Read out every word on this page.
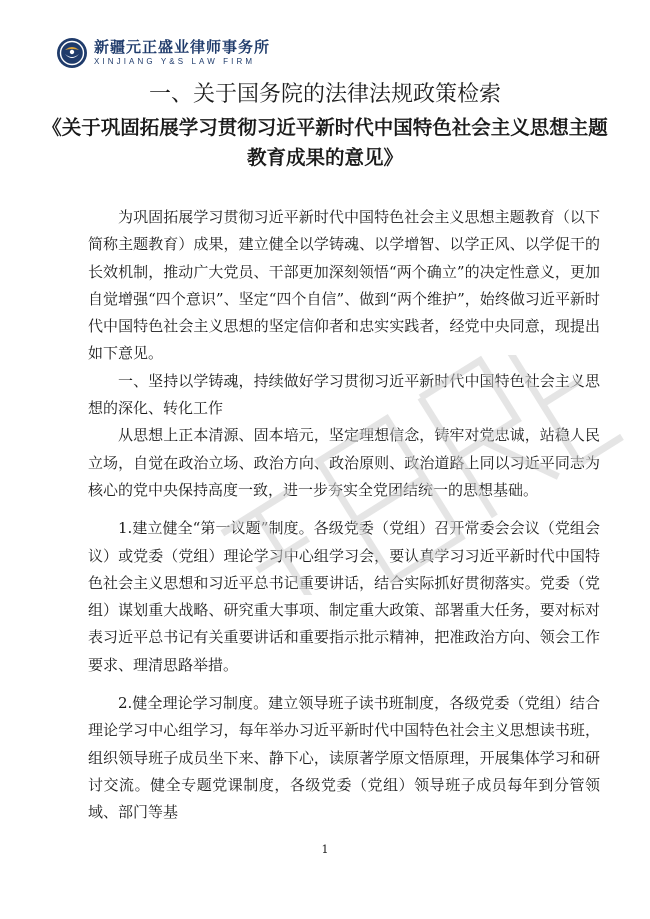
新疆元正盛业律师事务所
XINJIANG Y&S LAW FIRM
一、关于国务院的法律法规政策检索
《关于巩固拓展学习贯彻习近平新时代中国特色社会主义思想主题教育成果的意见》

为巩固拓展学习贯彻习近平新时代中国特色社会主义思想主题教育（以下简称主题教育）成果，建立健全以学铸魂、以学增智、以学正风、以学促干的长效机制，推动广大党员、干部更加深刻领悟“两个确立”的决定性意义，更加自觉增强“四个意识”、坚定“四个自信”、做到“两个维护”，始终做习近平新时代中国特色社会主义思想的坚定信仰者和忠实实践者，经党中央同意，现提出如下意见。

一、坚持以学铸魂，持续做好学习贯彻习近平新时代中国特色社会主义思想的深化、转化工作

从思想上正本清源、固本培元，坚定理想信念，铸牢对党忠诚，站稳人民立场，自觉在政治立场、政治方向、政治原则、政治道路上同以习近平同志为核心的党中央保持高度一致，进一步夯实全党团结统一的思想基础。

1.建立健全“第一议题”制度。各级党委（党组）召开常委会会议（党组会议）或党委（党组）理论学习中心组学习会，要认真学习习近平新时代中国特色社会主义思想和习近平总书记重要讲话，结合实际抓好贯彻落实。党委（党组）谋划重大战略、研究重大事项、制定重大政策、部署重大任务，要对标对表习近平总书记有关重要讲话和重要指示批示精神，把准政治方向、领会工作要求、理清思路举措。

2.健全理论学习制度。建立领导班子读书班制度，各级党委（党组）结合理论学习中心组学习，每年举办习近平新时代中国特色社会主义思想读书班，组织领导班子成员坐下来、静下心，读原著学原文悟原理，开展集体学习和研讨交流。健全专题党课制度，各级党委（党组）领导班子成员每年到分管领域、部门等基

1
